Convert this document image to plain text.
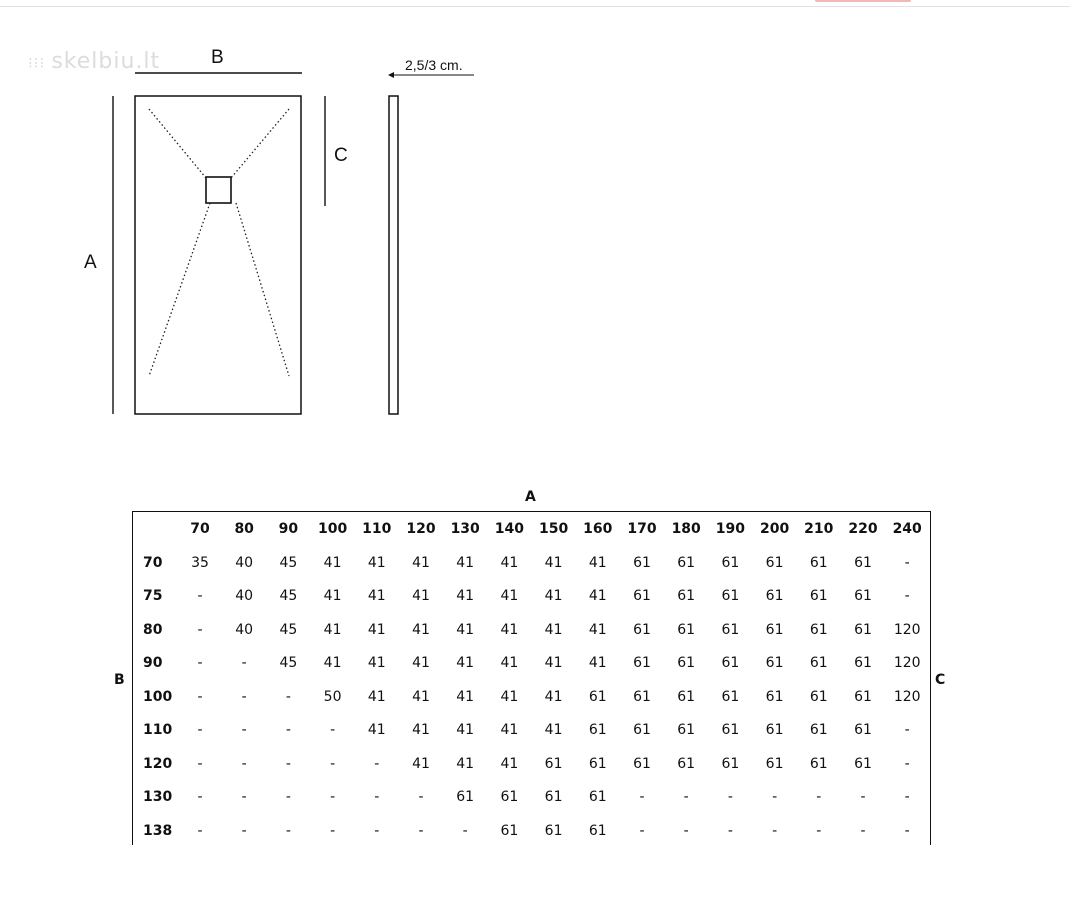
⁝⁝⁝ skelbiu.lt	B
A
C
2,5/3 cm.
A
B	C
70	80	90	100	110	120	130	140	150	160	170	180	190	200	210	220	240
70	35	40	45	41	41	41	41	41	41	41	61	61	61	61	61	61	-
75	-	40	45	41	41	41	41	41	41	41	61	61	61	61	61	61	-
80	-	40	45	41	41	41	41	41	41	41	61	61	61	61	61	61	120
90	-	-	45	41	41	41	41	41	41	41	61	61	61	61	61	61	120
100	-	-	-	50	41	41	41	41	41	61	61	61	61	61	61	61	120
110	-	-	-	-	41	41	41	41	41	61	61	61	61	61	61	61	-
120	-	-	-	-	-	41	41	41	61	61	61	61	61	61	61	61	-
130	-	-	-	-	-	-	61	61	61	61	-	-	-	-	-	-	-
138	-	-	-	-	-	-	-	61	61	61	-	-	-	-	-	-	-
